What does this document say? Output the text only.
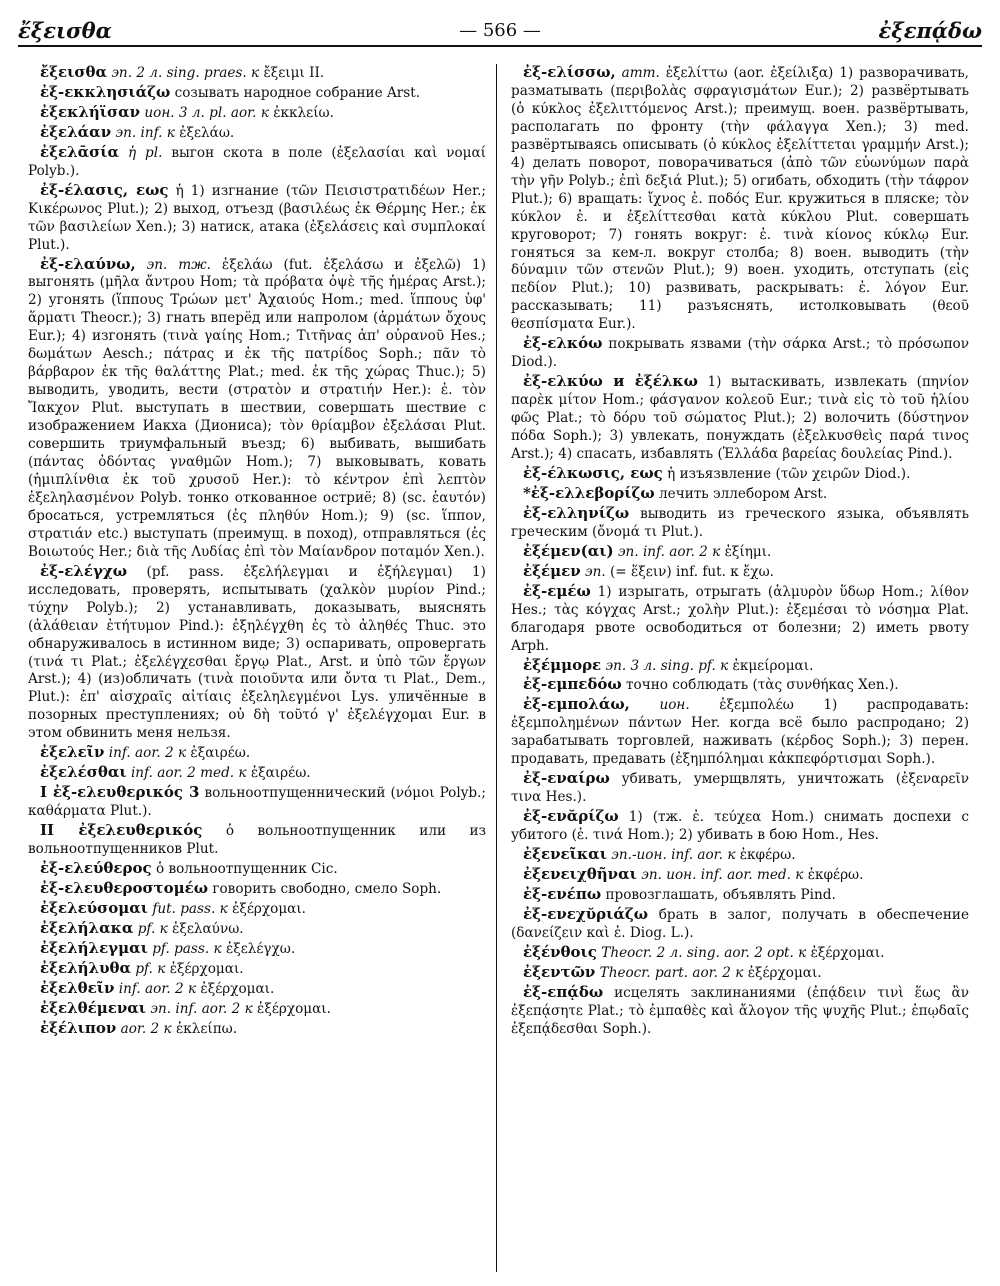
ἔξεισθα	— 566 —	ἐξεπᾴδω

ἔξεισθα эп. 2 л. sing. praes. к ἔξειμι II.

ἐξ-εκκλησιάζω созывать народное собрание Arst.

ἐξεκλήϊσαν ион. 3 л. pl. aor. к ἐκκλείω.

ἐξελάαν эп. inf. к ἐξελάω.

ἐξελᾱσία ἡ pl. выгон скота в поле (ἐξελασίαι καὶ νομαί Polyb.).

ἐξ-έλασις, εως ἡ 1) изгнание (τῶν Πεισιστρατιδέων Her.; Κικέρωνος Plut.); 2) выход, отъезд (βασιλέως ἐκ Θέρμης Her.; ἐκ τῶν βασιλείων Xen.); 3) натиск, атака (ἐξελάσεις καὶ συμπλοκαί Plut.).

ἐξ-ελαύνω, эп. тж. ἐξελάω (fut. ἐξελάσω и ἐξελῶ) 1) выгонять (μῆλα ἄντρου Hom; τὰ πρόβατα ὀψὲ τῆς ἡμέρας Arst.); 2) угонять (ἵππους Τρώων μετ' Ἀχαιούς Hom.; med. ἵππους ὑφ' ἅρματι Theocr.); 3) гнать вперёд или напролом (ἁρμάτων ὄχους Eur.); 4) изгонять (τινὰ γαίης Hom.; Τιτῆνας ἀπ' οὐρανοῦ Hes.; δωμάτων Aesch.; πάτρας и ἐκ τῆς πατρίδος Soph.; πᾶν τὸ βάρβαρον ἐκ τῆς θαλάττης Plat.; med. ἐκ τῆς χώρας Thuc.); 5) выводить, уводить, вести (στρατὸν и στρατιήν Her.): ἐ. τὸν Ἴακχον Plut. выступать в шествии, совершать шествие с изображением Иакха (Диониса); τὸν θρίαμβον ἐξελάσαι Plut. совершить триумфальный въезд; 6) выбивать, вышибать (πάντας ὀδόντας γναθμῶν Hom.); 7) выковывать, ковать (ἡμιπλίνθια ἐκ τοῦ χρυσοῦ Her.): τὸ κέντρον ἐπὶ λεπτὸν ἐξεληλασμένον Polyb. тонко откованное остриё; 8) (sc. ἑαυτόν) бросаться, устремляться (ἐς πληθύν Hom.); 9) (sc. ἵππον, στρατιάν etc.) выступать (преимущ. в поход), отправляться (ἐς Βοιωτούς Her.; διὰ τῆς Λυδίας ἐπὶ τὸν Μαίανδρον ποταμόν Xen.).

ἐξ-ελέγχω (pf. pass. ἐξελήλεγμαι и ἐξήλεγμαι) 1) исследовать, проверять, испытывать (χαλκὸν μυρίον Pind.; τύχην Polyb.); 2) устанавливать, доказывать, выяснять (ἀλάθειαν ἐτήτυμον Pind.): ἐξηλέγχθη ἐς τὸ ἀληθές Thuc. это обнаруживалось в истинном виде; 3) оспаривать, опровергать (τινά τι Plat.; ἐξελέγχεσθαι ἔργῳ Plat., Arst. и ὑπὸ τῶν ἔργων Arst.); 4) (из)обличать (τινὰ ποιοῦντα или ὄντα τι Plat., Dem., Plut.): ἐπ' αἰσχραῖς αἰτίαις ἐξεληλεγμένοι Lys. уличённые в позорных преступлениях; οὐ δὴ τοῦτό γ' ἐξελέγχομαι Eur. в этом обвинить меня нельзя.

ἐξελεῖν inf. aor. 2 к ἐξαιρέω.

ἐξελέσθαι inf. aor. 2 med. к ἐξαιρέω.

I ἐξ-ελευθερικός 3 вольноотпущеннический (νόμοι Polyb.; καθάρματα Plut.).

II ἐξελευθερικός ὁ вольноотпущенник или из вольноотпущенников Plut.

ἐξ-ελεύθερος ὁ вольноотпущенник Cic.

ἐξ-ελευθεροστομέω говорить свободно, смело Soph.

ἐξελεύσομαι fut. pass. к ἐξέρχομαι.

ἐξελήλακα pf. к ἐξελαύνω.

ἐξελήλεγμαι pf. pass. к ἐξελέγχω.

ἐξελήλυθα pf. к ἐξέρχομαι.

ἐξελθεῖν inf. aor. 2 к ἐξέρχομαι.

ἐξελθέμεναι эп. inf. aor. 2 к ἐξέρχομαι.

ἐξέλιπον aor. 2 к ἐκλείπω.

ἐξ-ελίσσω, атт. ἐξελίττω (aor. ἐξείλιξα) 1) разворачивать, разматывать (περιβολὰς σφραγισμάτων Eur.); 2) развёртывать (ὁ κύκλος ἐξελιττόμενος Arst.); преимущ. воен. развёртывать, располагать по фронту (τὴν φάλαγγα Xen.); 3) med. развёртываясь описывать (ὁ κύκλος ἐξελίττεται γραμμήν Arst.); 4) делать поворот, поворачиваться (ἀπὸ τῶν εὐωνύμων παρὰ τὴν γῆν Polyb.; ἐπὶ δεξιά Plut.); 5) огибать, обходить (τὴν τάφρον Plut.); 6) вращать: ἴχνος ἐ. ποδός Eur. кружиться в пляске; τὸν κύκλον ἐ. и ἐξελίττεσθαι κατὰ κύκλου Plut. совершать круговорот; 7) гонять вокруг: ἐ. τινὰ κίονος κύκλῳ Eur. гоняться за кем-л. вокруг столба; 8) воен. выводить (τὴν δύναμιν τῶν στενῶν Plut.); 9) воен. уходить, отступать (εἰς πεδίον Plut.); 10) развивать, раскрывать: ἐ. λόγον Eur. рассказывать; 11) разъяснять, истолковывать (θεοῦ θεσπίσματα Eur.).

ἐξ-ελκόω покрывать язвами (τὴν σάρκα Arst.; τὸ πρόσωπον Diod.).

ἐξ-ελκύω и ἐξέλκω 1) вытаскивать, извлекать (πηνίον παρὲκ μίτον Hom.; φάσγανον κολεοῦ Eur.; τινὰ εἰς τὸ τοῦ ἡλίου φῶς Plat.; τὸ δόρυ τοῦ σώματος Plut.); 2) волочить (δύστηνον πόδα Soph.); 3) увлекать, понуждать (ἐξελκυσθεὶς παρά τινος Arst.); 4) спасать, избавлять (Ἑλλάδα βαρείας δουλείας Pind.).

ἐξ-έλκωσις, εως ἡ изъязвление (τῶν χειρῶν Diod.).

*ἐξ-ελλεβορίζω лечить эллебором Arst.

ἐξ-ελληνίζω выводить из греческого языка, объявлять греческим (ὄνομά τι Plut.).

ἐξέμεν(αι) эп. inf. aor. 2 к ἐξίημι.

ἐξέμεν эп. (= ἕξειν) inf. fut. к ἔχω.

ἐξ-εμέω 1) изрыгать, отрыгать (ἁλμυρὸν ὕδωρ Hom.; λίθον Hes.; τὰς κόγχας Arst.; χολὴν Plut.): ἐξεμέσαι τὸ νόσημα Plat. благодаря рвоте освободиться от болезни; 2) иметь рвоту Arph.

ἐξέμμορε эп. 3 л. sing. pf. к ἐκμείρομαι.

ἐξ-εμπεδόω точно соблюдать (τὰς συνθήκας Xen.).

ἐξ-εμπολάω, ион. ἐξεμπολέω 1) распродавать: ἐξεμπολημένων πάντων Her. когда всё было распродано; 2) зарабатывать торговлей, наживать (κέρδος Soph.); 3) перен. продавать, предавать (ἐξημπόλημαι κἀκπεφόρτισμαι Soph.).

ἐξ-εναίρω убивать, умерщвлять, уничтожать (ἐξεναρεῖν τινα Hes.).

ἐξ-ενᾰρίζω 1) (тж. ἐ. τεύχεα Hom.) снимать доспехи с убитого (ἐ. τινά Hom.); 2) убивать в бою Hom., Hes.

ἐξενεῖκαι эп.-ион. inf. aor. к ἐκφέρω.

ἐξενειχθῆναι эп. ион. inf. aor. med. к ἐκφέρω.

ἐξ-ενέπω провозглашать, объявлять Pind.

ἐξ-ενεχῠριάζω брать в залог, получать в обеспечение (δανείζειν καὶ ἐ. Diog. L.).

ἐξένθοις Theocr. 2 л. sing. aor. 2 opt. к ἐξέρχομαι.

ἐξεντῶν Theocr. part. aor. 2 к ἐξέρχομαι.

ἐξ-επᾴδω исцелять заклинаниями (ἐπᾴδειν τινὶ ἕως ἂν ἐξεπᾴσητε Plat.; τὸ ἐμπαθὲς καὶ ἄλογον τῆς ψυχῆς Plut.; ἐπῳδαῖς ἐξεπᾴδεσθαι Soph.).
